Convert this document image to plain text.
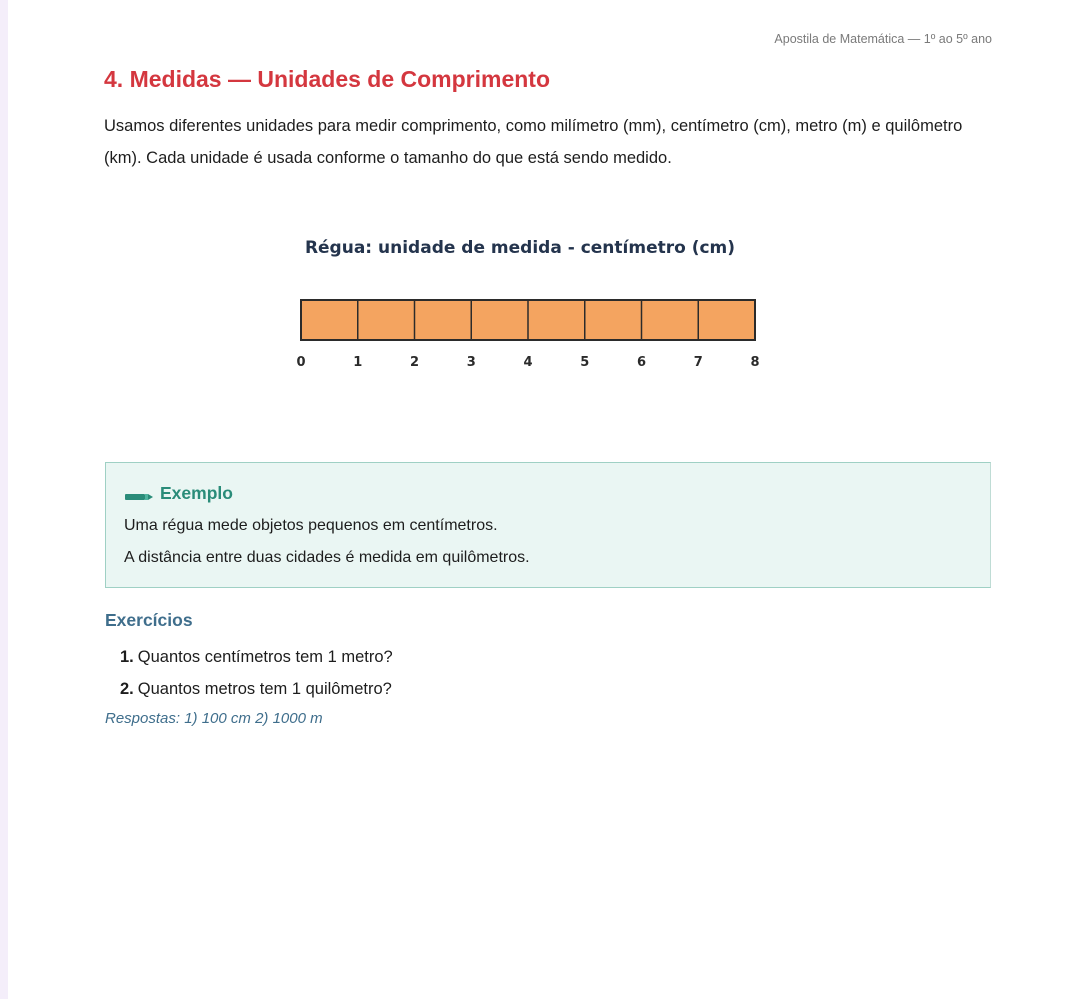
Apostila de Matemática — 1º ao 5º ano
4. Medidas — Unidades de Comprimento

Usamos diferentes unidades para medir comprimento, como milímetro (mm), centímetro (cm), metro (m) e quilômetro (km). Cada unidade é usada conforme o tamanho do que está sendo medido.

Régua: unidade de medida - centímetro (cm)
0	1	2	3	4	5	6	7	8
Exemplo
Uma régua mede objetos pequenos em centímetros.
A distância entre duas cidades é medida em quilômetros.
Exercícios
1. Quantos centímetros tem 1 metro?
2. Quantos metros tem 1 quilômetro?
Respostas: 1) 100 cm 2) 1000 m
